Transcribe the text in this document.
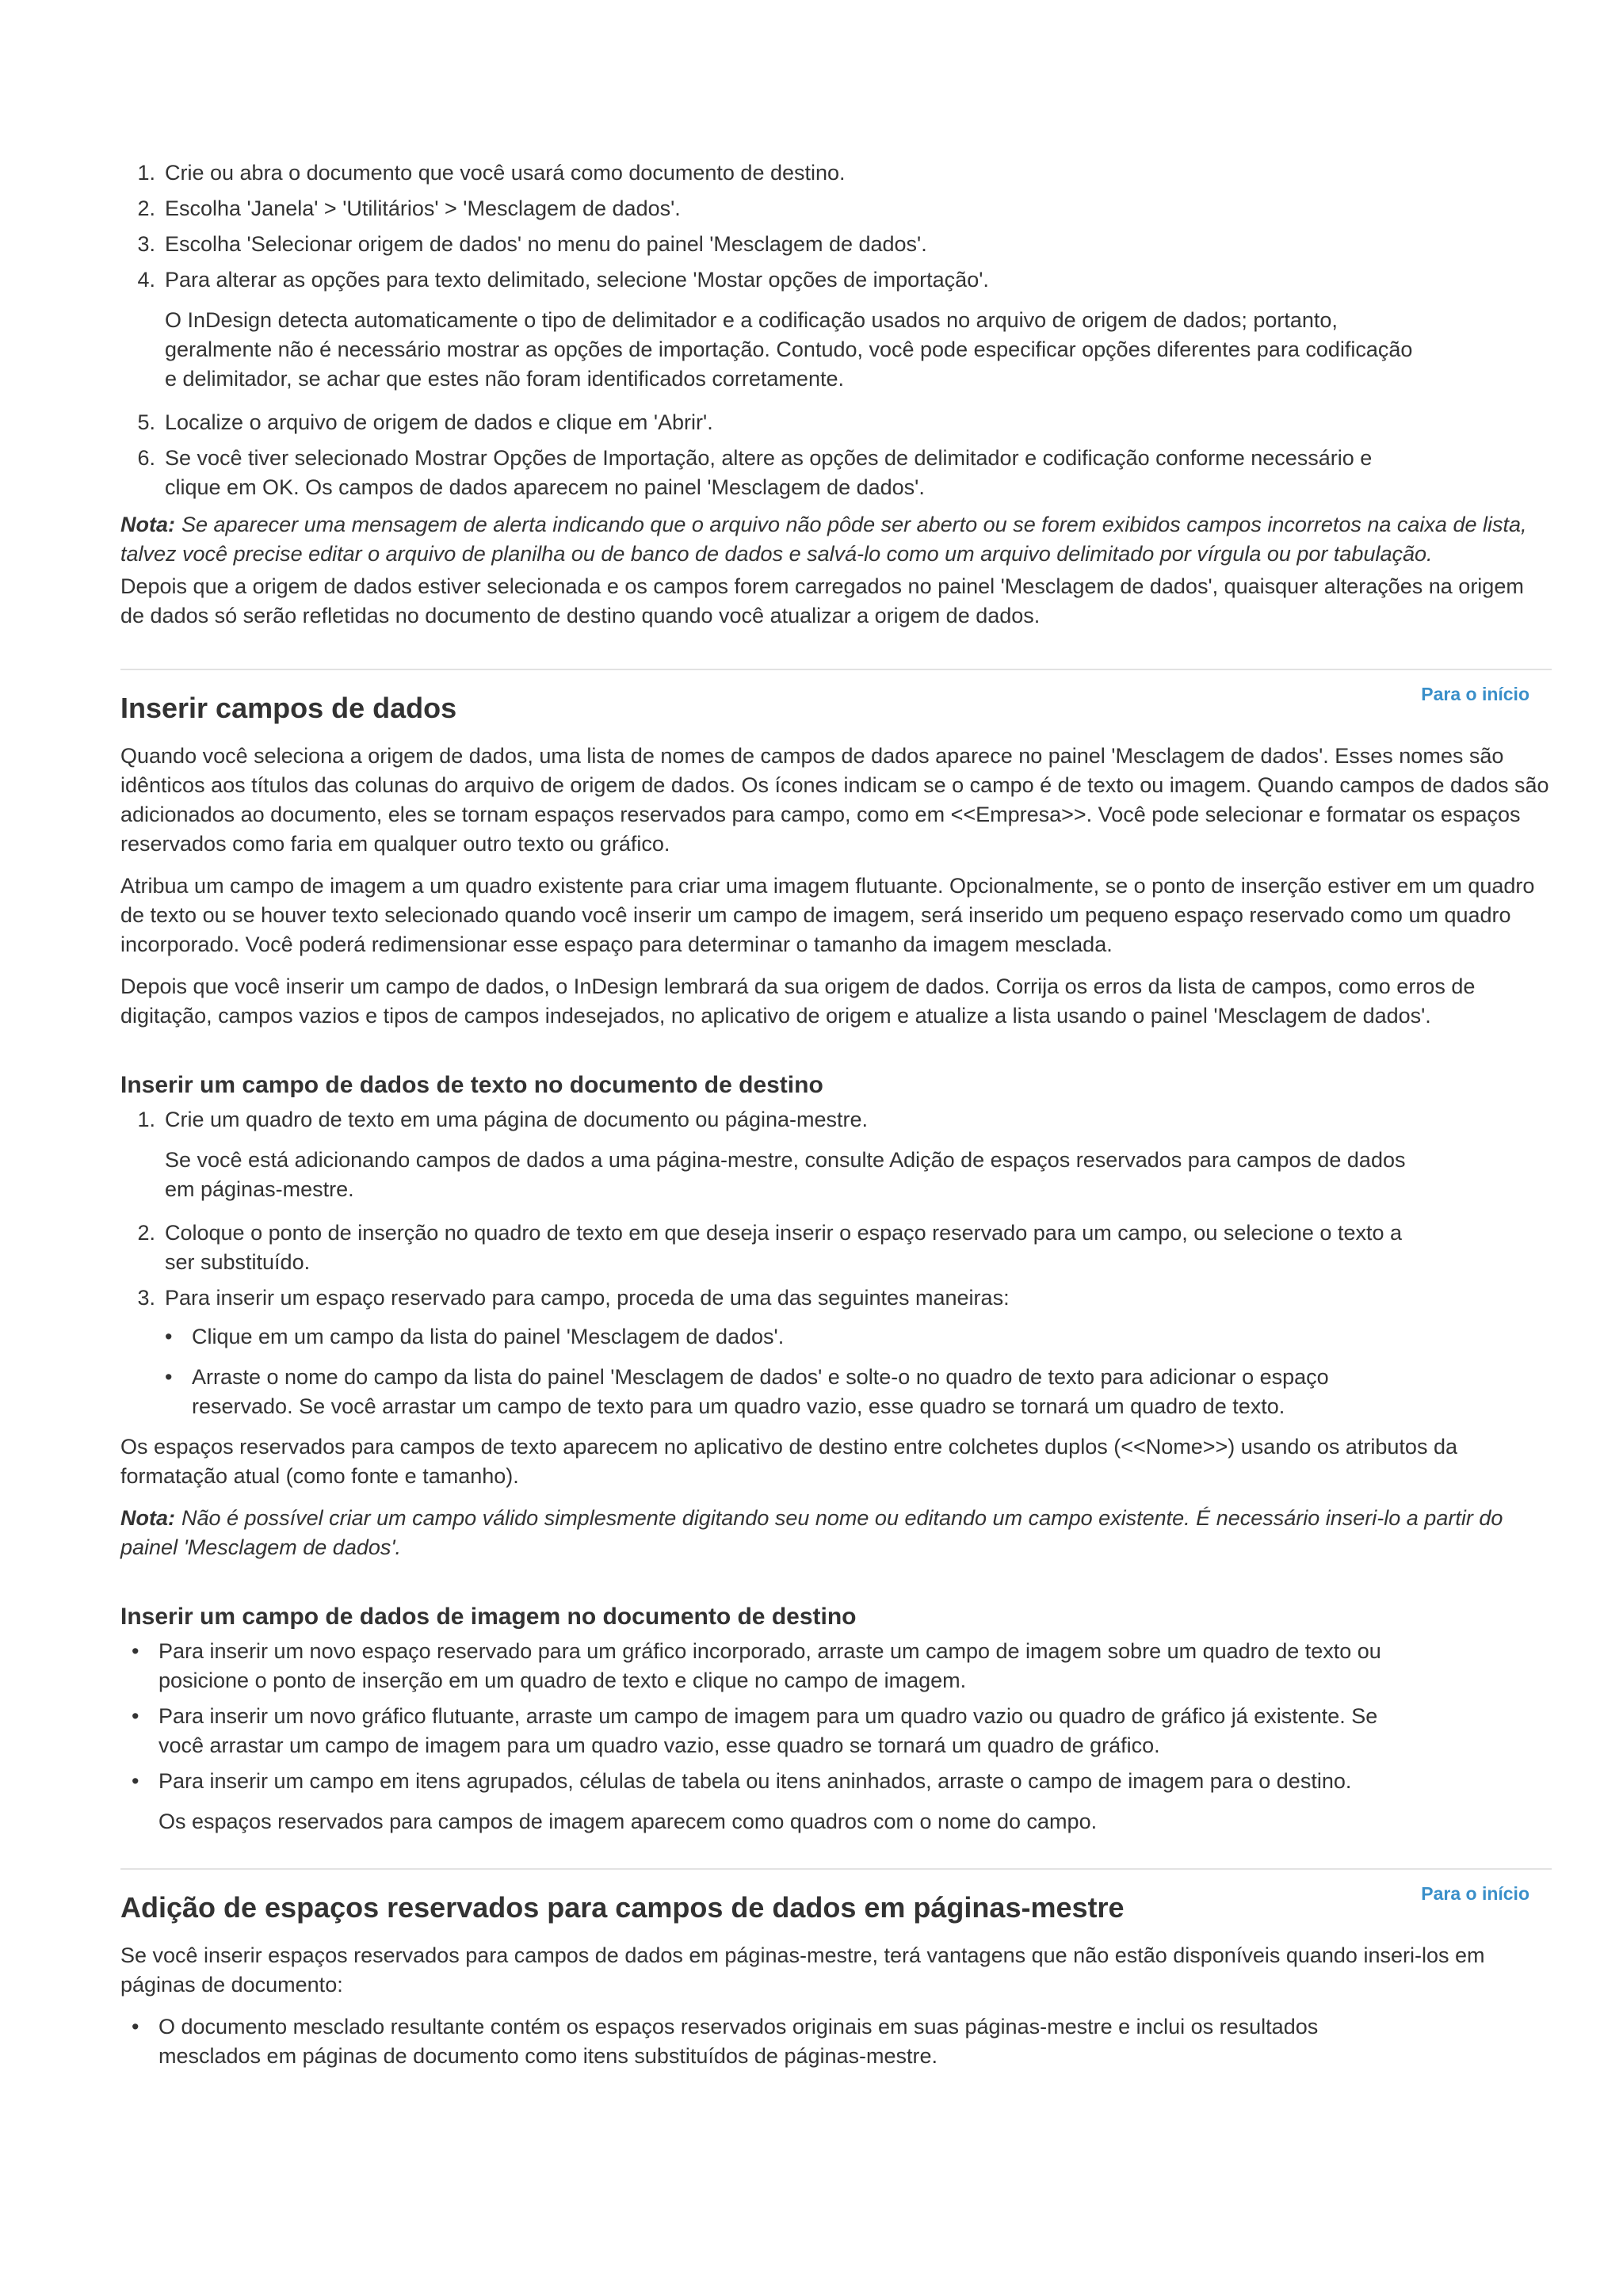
1. Crie ou abra o documento que você usará como documento de destino.
2. Escolha 'Janela' > 'Utilitários' > 'Mesclagem de dados'.
3. Escolha 'Selecionar origem de dados' no menu do painel 'Mesclagem de dados'.
4. Para alterar as opções para texto delimitado, selecione 'Mostar opções de importação'.
O InDesign detecta automaticamente o tipo de delimitador e a codificação usados no arquivo de origem de dados; portanto, geralmente não é necessário mostrar as opções de importação. Contudo, você pode especificar opções diferentes para codificação e delimitador, se achar que estes não foram identificados corretamente.
5. Localize o arquivo de origem de dados e clique em 'Abrir'.
6. Se você tiver selecionado Mostrar Opções de Importação, altere as opções de delimitador e codificação conforme necessário e clique em OK. Os campos de dados aparecem no painel 'Mesclagem de dados'.

Nota: Se aparecer uma mensagem de alerta indicando que o arquivo não pôde ser aberto ou se forem exibidos campos incorretos na caixa de lista, talvez você precise editar o arquivo de planilha ou de banco de dados e salvá-lo como um arquivo delimitado por vírgula ou por tabulação.

Depois que a origem de dados estiver selecionada e os campos forem carregados no painel 'Mesclagem de dados', quaisquer alterações na origem de dados só serão refletidas no documento de destino quando você atualizar a origem de dados.

Para o início
Inserir campos de dados

Quando você seleciona a origem de dados, uma lista de nomes de campos de dados aparece no painel 'Mesclagem de dados'. Esses nomes são idênticos aos títulos das colunas do arquivo de origem de dados. Os ícones indicam se o campo é de texto ou imagem. Quando campos de dados são adicionados ao documento, eles se tornam espaços reservados para campo, como em <<Empresa>>. Você pode selecionar e formatar os espaços reservados como faria em qualquer outro texto ou gráfico.

Atribua um campo de imagem a um quadro existente para criar uma imagem flutuante. Opcionalmente, se o ponto de inserção estiver em um quadro de texto ou se houver texto selecionado quando você inserir um campo de imagem, será inserido um pequeno espaço reservado como um quadro incorporado. Você poderá redimensionar esse espaço para determinar o tamanho da imagem mesclada.

Depois que você inserir um campo de dados, o InDesign lembrará da sua origem de dados. Corrija os erros da lista de campos, como erros de digitação, campos vazios e tipos de campos indesejados, no aplicativo de origem e atualize a lista usando o painel 'Mesclagem de dados'.

Inserir um campo de dados de texto no documento de destino
1. Crie um quadro de texto em uma página de documento ou página-mestre.
Se você está adicionando campos de dados a uma página-mestre, consulte Adição de espaços reservados para campos de dados em páginas-mestre.
2. Coloque o ponto de inserção no quadro de texto em que deseja inserir o espaço reservado para um campo, ou selecione o texto a ser substituído.
3. Para inserir um espaço reservado para campo, proceda de uma das seguintes maneiras:
• Clique em um campo da lista do painel 'Mesclagem de dados'.
• Arraste o nome do campo da lista do painel 'Mesclagem de dados' e solte-o no quadro de texto para adicionar o espaço reservado. Se você arrastar um campo de texto para um quadro vazio, esse quadro se tornará um quadro de texto.

Os espaços reservados para campos de texto aparecem no aplicativo de destino entre colchetes duplos (<<Nome>>) usando os atributos da formatação atual (como fonte e tamanho).

Nota: Não é possível criar um campo válido simplesmente digitando seu nome ou editando um campo existente. É necessário inseri-lo a partir do painel 'Mesclagem de dados'.

Inserir um campo de dados de imagem no documento de destino
• Para inserir um novo espaço reservado para um gráfico incorporado, arraste um campo de imagem sobre um quadro de texto ou posicione o ponto de inserção em um quadro de texto e clique no campo de imagem.
• Para inserir um novo gráfico flutuante, arraste um campo de imagem para um quadro vazio ou quadro de gráfico já existente. Se você arrastar um campo de imagem para um quadro vazio, esse quadro se tornará um quadro de gráfico.
• Para inserir um campo em itens agrupados, células de tabela ou itens aninhados, arraste o campo de imagem para o destino.

Os espaços reservados para campos de imagem aparecem como quadros com o nome do campo.

Para o início
Adição de espaços reservados para campos de dados em páginas-mestre

Se você inserir espaços reservados para campos de dados em páginas-mestre, terá vantagens que não estão disponíveis quando inseri-los em páginas de documento:

• O documento mesclado resultante contém os espaços reservados originais em suas páginas-mestre e inclui os resultados mesclados em páginas de documento como itens substituídos de páginas-mestre.
